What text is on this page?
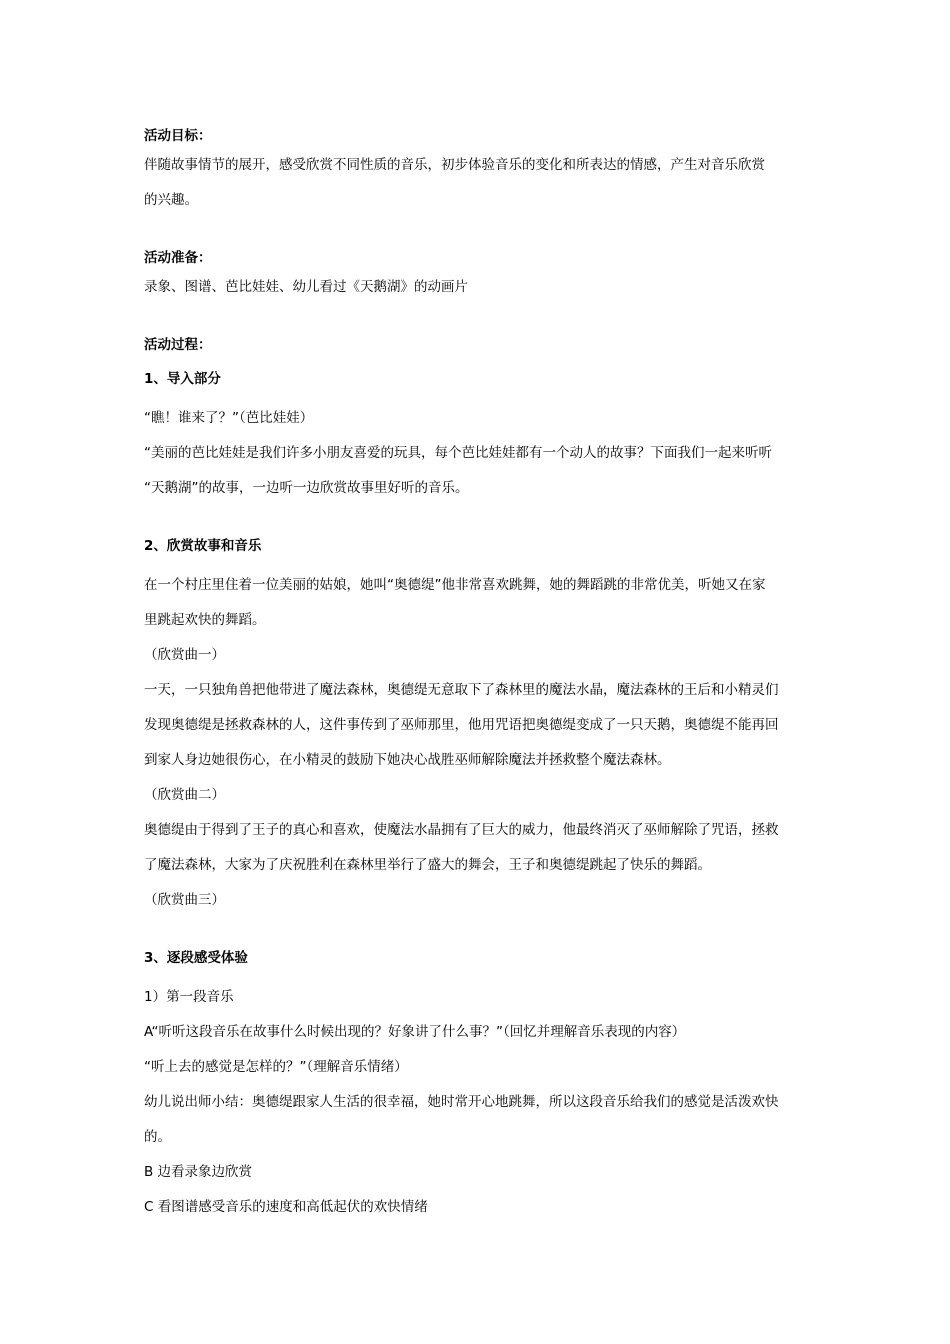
活动目标：
伴随故事情节的展开，感受欣赏不同性质的音乐，初步体验音乐的变化和所表达的情感，产生对音乐欣赏
的兴趣。
活动准备：
录象、图谱、芭比娃娃、幼儿看过《天鹅湖》的动画片
活动过程：
1、导入部分
“瞧！谁来了？”（芭比娃娃）
“美丽的芭比娃娃是我们许多小朋友喜爱的玩具，每个芭比娃娃都有一个动人的故事？下面我们一起来听听
“天鹅湖”的故事，一边听一边欣赏故事里好听的音乐。
2、欣赏故事和音乐
在一个村庄里住着一位美丽的姑娘，她叫“奥德缇”他非常喜欢跳舞，她的舞蹈跳的非常优美，听她又在家
里跳起欢快的舞蹈。
（欣赏曲一）
一天，一只独角兽把他带进了魔法森林，奥德缇无意取下了森林里的魔法水晶，魔法森林的王后和小精灵们
发现奥德缇是拯救森林的人，这件事传到了巫师那里，他用咒语把奥德缇变成了一只天鹅，奥德缇不能再回
到家人身边她很伤心，在小精灵的鼓励下她决心战胜巫师解除魔法并拯救整个魔法森林。
（欣赏曲二）
奥德缇由于得到了王子的真心和喜欢，使魔法水晶拥有了巨大的威力，他最终消灭了巫师解除了咒语，拯救
了魔法森林，大家为了庆祝胜利在森林里举行了盛大的舞会，王子和奥德缇跳起了快乐的舞蹈。
（欣赏曲三）
3、逐段感受体验
1）第一段音乐
A“听听这段音乐在故事什么时候出现的？好象讲了什么事？”（回忆并理解音乐表现的内容）
“听上去的感觉是怎样的？”（理解音乐情绪）
幼儿说出师小结：奥德缇跟家人生活的很幸福，她时常开心地跳舞，所以这段音乐给我们的感觉是活泼欢快
的。
B 边看录象边欣赏
C 看图谱感受音乐的速度和高低起伏的欢快情绪
